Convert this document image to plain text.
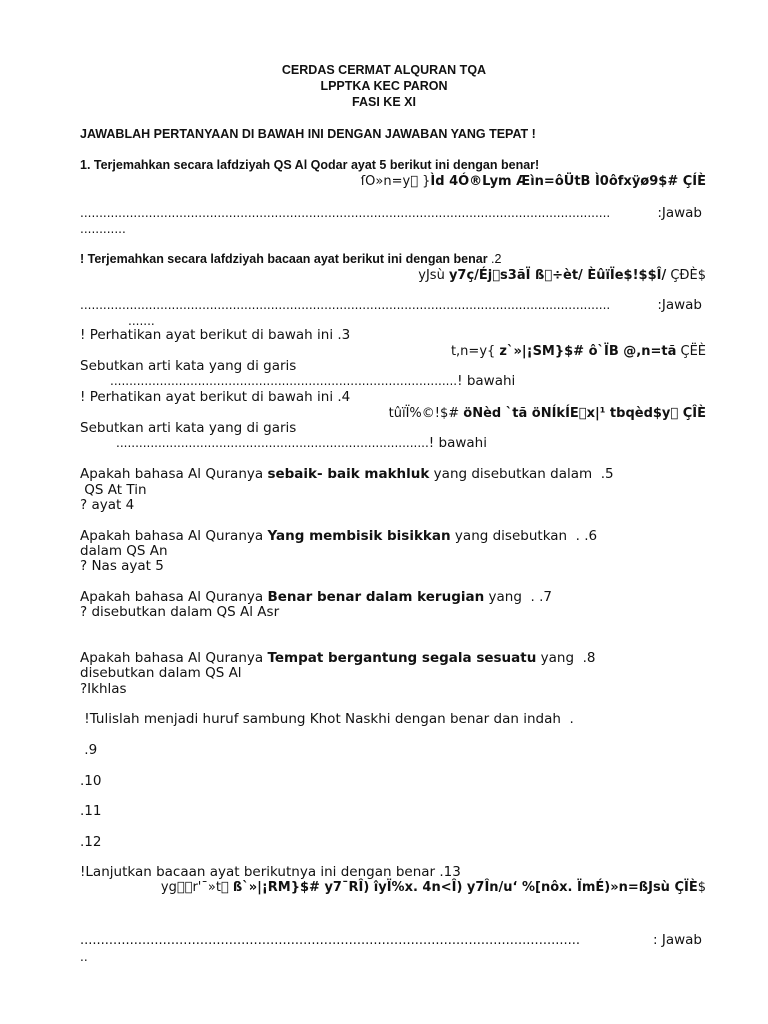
CERDAS CERMAT ALQURAN TQA
LPPTKA KEC PARON
FASI KE XI
JAWABLAH PERTANYAAN DI BAWAH INI DENGAN JAWABAN YANG TEPAT !
1. Terjemahkan secara lafdziyah QS Al Qodar ayat 5 berikut ini dengan benar!
ſO»n=y󰀀 }Ìd 4Ó®Lym Æìn=ôÜtB Ì0ôfxÿø9$# ÇÍÈ
...........................................................................................................................................	:Jawab
............
! Terjemahkan secara lafdziyah bacaan ayat berikut ini dengan benar .2
yJsù y7ç/Éj󰀀s3ãÏ ß󰀀÷èt/ ÈûïÏe$!$$Î/ ÇÐÈ$
...........................................................................................................................................	:Jawab
.......
! Perhatikan ayat berikut di bawah ini .3
t,n=y{ z`»|¡SM}$# ô`ÏB @,n=tã ÇËÈ
Sebutkan arti kata yang di garis
...........................................................................................! bawahi
! Perhatikan ayat berikut di bawah ini .4
tûïÏ%©!$# öNèd `tã öNÍkÍE󰀀x|¹ tbqèd$y󰀀 ÇÎÈ
Sebutkan arti kata yang di garis
..................................................................................! bawahi
Apakah bahasa Al Quranya sebaik- baik makhluk yang disebutkan dalam  .5
QS At Tin
? ayat 4
Apakah bahasa Al Quranya Yang membisik bisikkan yang disebutkan  . .6
dalam QS An
? Nas ayat 5
Apakah bahasa Al Quranya Benar benar dalam kerugian yang  . .7
? disebutkan dalam QS Al Asr
Apakah bahasa Al Quranya Tempat bergantung segala sesuatu yang  .8
disebutkan dalam QS Al
?Ikhlas
!Tulislah menjadi huruf sambung Khot Naskhi dengan benar dan indah  .
.9
.10
.11
.12
!Lanjutkan bacaan ayat berikutnya ini dengan benar .13
yg󰀀󰀀r'¯»t󰀀 ß`»|¡RM}$# y7¯RÎ) îyÏ%x. 4n<Î) y7În/u‘ %[nôx. ÏmÉ)»n=ßJsù ÇÏÈ$
.........................................................................................................................	: Jawab
..
